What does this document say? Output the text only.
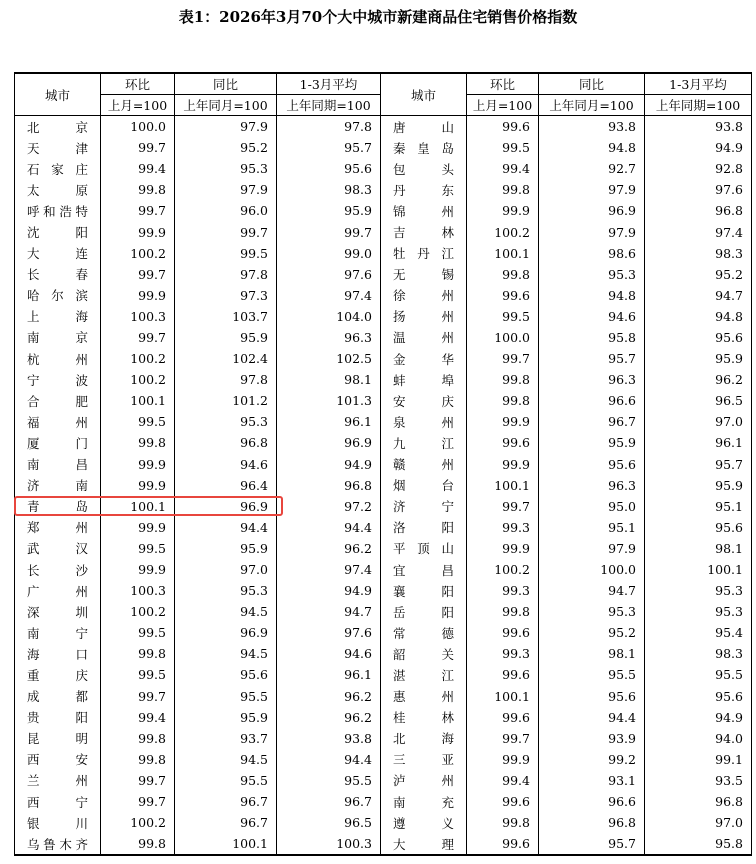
表1：2026年3月70个大中城市新建商品住宅销售价格指数
城市	环比	同比	1-3月平均	城市	环比	同比	1-3月平均
	上月=100	上年同月=100	上年同期=100		上月=100	上年同月=100	上年同期=100

北 京	100.0	97.9	97.8	唐 山	99.6	93.8	93.8

天 津	99.7	95.2	95.7	秦 皇 岛	99.5	94.8	94.9

石 家 庄	99.4	95.3	95.6	包 头	99.4	92.7	92.8

太 原	99.8	97.9	98.3	丹 东	99.8	97.9	97.6

呼 和 浩 特	99.7	96.0	95.9	锦 州	99.9	96.9	96.8

沈 阳	99.9	99.7	99.7	吉 林	100.2	97.9	97.4

大 连	100.2	99.5	99.0	牡 丹 江	100.1	98.6	98.3

长 春	99.7	97.8	97.6	无 锡	99.8	95.3	95.2

哈 尔 滨	99.9	97.3	97.4	徐 州	99.6	94.8	94.7

上 海	100.3	103.7	104.0	扬 州	99.5	94.6	94.8

南 京	99.7	95.9	96.3	温 州	100.0	95.8	95.6

杭 州	100.2	102.4	102.5	金 华	99.7	95.7	95.9

宁 波	100.2	97.8	98.1	蚌 埠	99.8	96.3	96.2

合 肥	100.1	101.2	101.3	安 庆	99.8	96.6	96.5

福 州	99.5	95.3	96.1	泉 州	99.9	96.7	97.0

厦 门	99.8	96.8	96.9	九 江	99.6	95.9	96.1

南 昌	99.9	94.6	94.9	赣 州	99.9	95.6	95.7

济 南	99.9	96.4	96.8	烟 台	100.1	96.3	95.9

青 岛	100.1	96.9	97.2	济 宁	99.7	95.0	95.1

郑 州	99.9	94.4	94.4	洛 阳	99.3	95.1	95.6

武 汉	99.5	95.9	96.2	平 顶 山	99.9	97.9	98.1

长 沙	99.9	97.0	97.4	宜 昌	100.2	100.0	100.1

广 州	100.3	95.3	94.9	襄 阳	99.3	94.7	95.3

深 圳	100.2	94.5	94.7	岳 阳	99.8	95.3	95.3

南 宁	99.5	96.9	97.6	常 德	99.6	95.2	95.4

海 口	99.8	94.5	94.6	韶 关	99.3	98.1	98.3

重 庆	99.5	95.6	96.1	湛 江	99.6	95.5	95.5

成 都	99.7	95.5	96.2	惠 州	100.1	95.6	95.6

贵 阳	99.4	95.9	96.2	桂 林	99.6	94.4	94.9

昆 明	99.8	93.7	93.8	北 海	99.7	93.9	94.0

西 安	99.8	94.5	94.4	三 亚	99.9	99.2	99.1

兰 州	99.7	95.5	95.5	泸 州	99.4	93.1	93.5

西 宁	99.7	96.7	96.7	南 充	99.6	96.6	96.8

银 川	100.2	96.7	96.5	遵 义	99.8	96.8	97.0

乌 鲁 木 齐	99.8	100.1	100.3	大 理	99.6	95.7	95.8
